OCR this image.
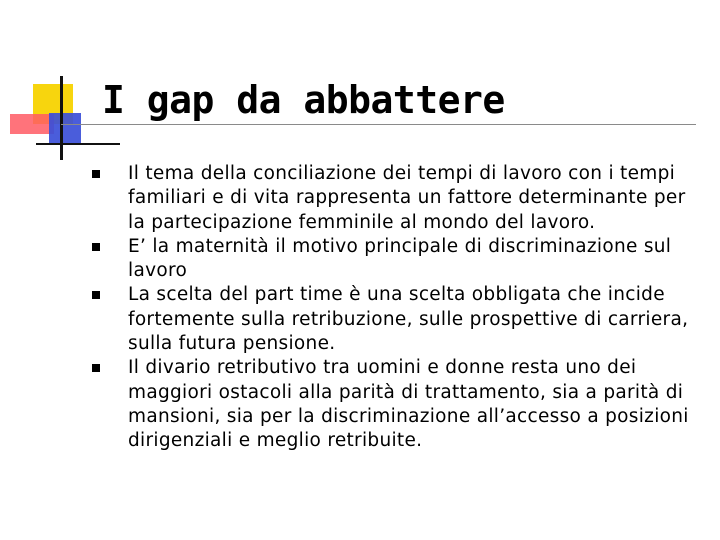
I gap da abbattere
Il tema della conciliazione dei tempi di lavoro con i tempi familiari e di vita rappresenta un fattore determinante per la partecipazione femminile al mondo del lavoro.
E’ la maternità il motivo principale di discriminazione sul lavoro
La scelta del part time è una scelta obbligata che incide fortemente sulla retribuzione, sulle prospettive di carriera, sulla futura pensione.
Il divario retributivo tra uomini e donne resta uno dei maggiori ostacoli alla parità di trattamento, sia a parità di mansioni, sia per la discriminazione all’accesso a posizioni dirigenziali e meglio retribuite.
